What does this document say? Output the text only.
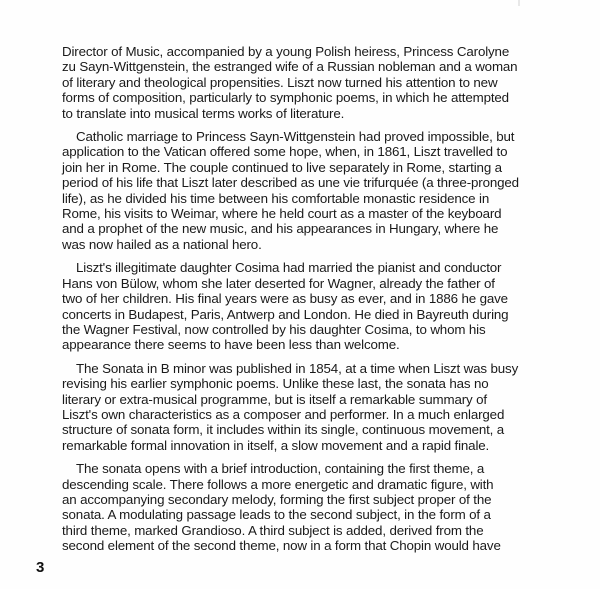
Director of Music, accompanied by a young Polish heiress, Princess Carolyne
zu Sayn-Wittgenstein, the estranged wife of a Russian nobleman and a woman
of literary and theological propensities. Liszt now turned his attention to new
forms of composition, particularly to symphonic poems, in which he attempted
to translate into musical terms works of literature.

Catholic marriage to Princess Sayn-Wittgenstein had proved impossible, but
application to the Vatican offered some hope, when, in 1861, Liszt travelled to
join her in Rome. The couple continued to live separately in Rome, starting a
period of his life that Liszt later described as une vie trifurquée (a three-pronged
life), as he divided his time between his comfortable monastic residence in
Rome, his visits to Weimar, where he held court as a master of the keyboard
and a prophet of the new music, and his appearances in Hungary, where he
was now hailed as a national hero.

Liszt's illegitimate daughter Cosima had married the pianist and conductor
Hans von Bülow, whom she later deserted for Wagner, already the father of
two of her children. His final years were as busy as ever, and in 1886 he gave
concerts in Budapest, Paris, Antwerp and London. He died in Bayreuth during
the Wagner Festival, now controlled by his daughter Cosima, to whom his
appearance there seems to have been less than welcome.

The Sonata in B minor was published in 1854, at a time when Liszt was busy
revising his earlier symphonic poems. Unlike these last, the sonata has no
literary or extra-musical programme, but is itself a remarkable summary of
Liszt's own characteristics as a composer and performer. In a much enlarged
structure of sonata form, it includes within its single, continuous movement, a
remarkable formal innovation in itself, a slow movement and a rapid finale.

The sonata opens with a brief introduction, containing the first theme, a
descending scale. There follows a more energetic and dramatic figure, with
an accompanying secondary melody, forming the first subject proper of the
sonata. A modulating passage leads to the second subject, in the form of a
third theme, marked Grandioso. A third subject is added, derived from the
second element of the second theme, now in a form that Chopin would have

3
